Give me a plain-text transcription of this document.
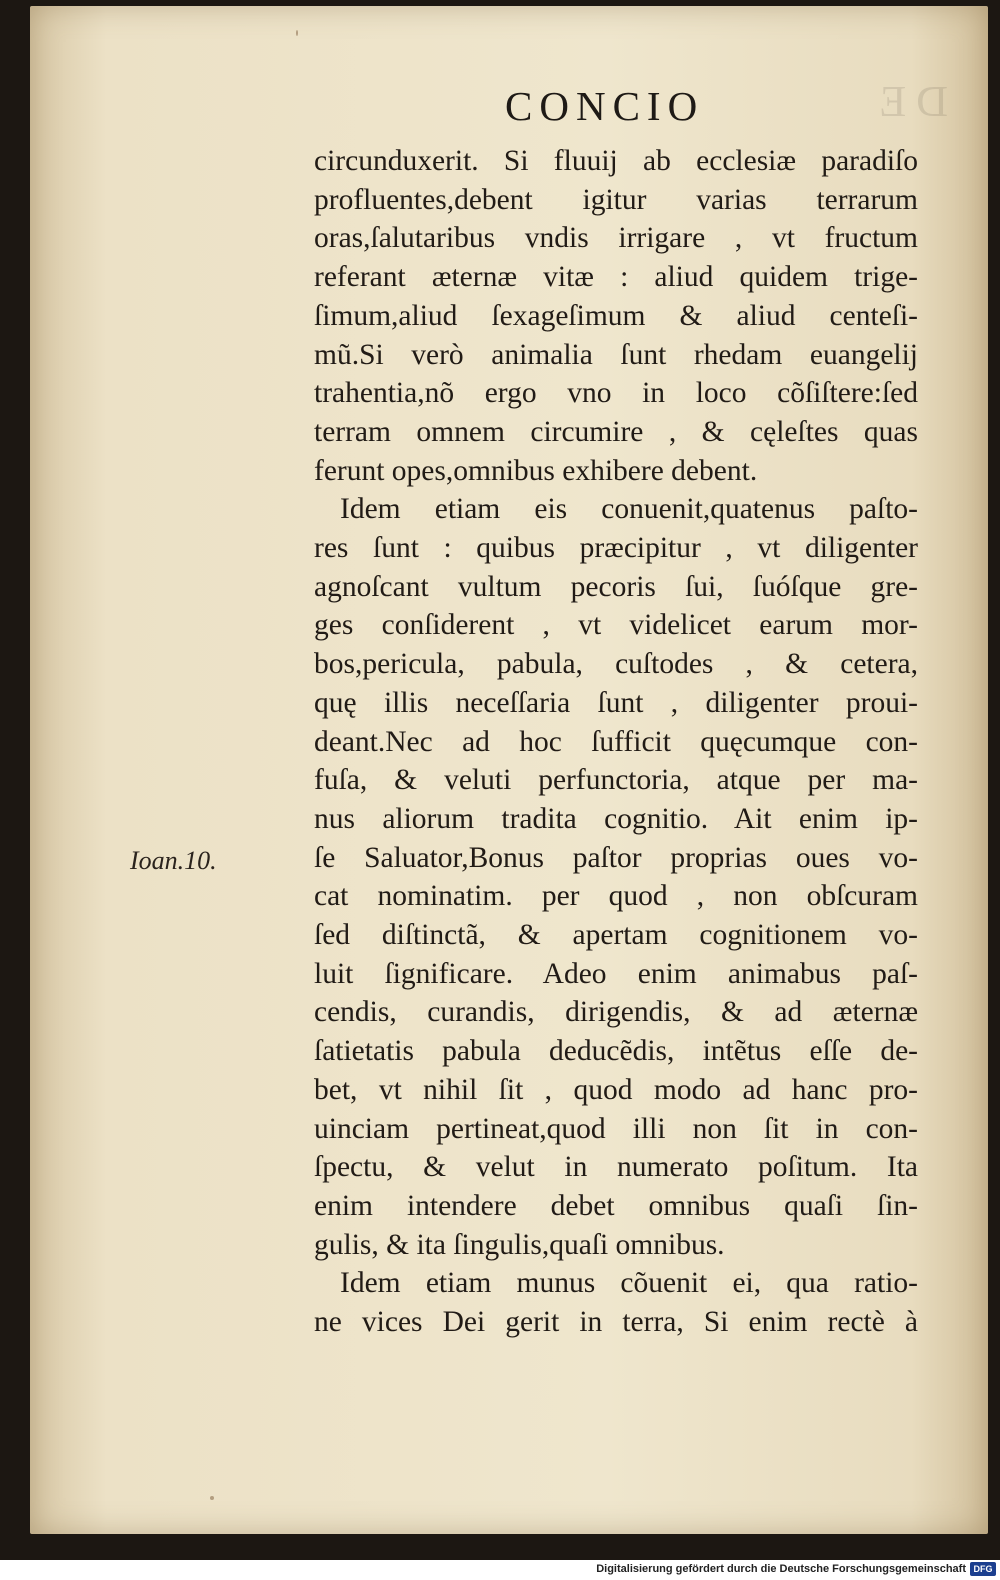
DE
CONCIO
Ioan.10.

circunduxerit. Si fluuij ab ecclesiæ paradiſo
profluentes,debent igitur varias terrarum
oras,ſalutaribus vndis irrigare , vt fructum
referant æternæ vitæ : aliud quidem trige-
ſimum,aliud ſexageſimum & aliud centeſi-
mũ.Si verò animalia ſunt rhedam euangelij
trahentia,nõ ergo vno in loco cõſiſtere:ſed
terram omnem circumire , & cęleſtes quas
ferunt opes,omnibus exhibere debent.
Idem etiam eis conuenit,quatenus paſto-
res ſunt : quibus præcipitur , vt diligenter
agnoſcant vultum pecoris ſui, ſuóſque gre-
ges conſiderent , vt videlicet earum mor-
bos,pericula, pabula, cuſtodes , & cetera,
quę illis neceſſaria ſunt , diligenter proui-
deant.Nec ad hoc ſufficit quęcumque con-
fuſa, & veluti perfunctoria, atque per ma-
nus aliorum tradita cognitio. Ait enim ip-
ſe Saluator,Bonus paſtor proprias oues vo-
cat nominatim. per quod , non obſcuram
ſed diſtinctã, & apertam cognitionem vo-
luit ſignificare. Adeo enim animabus paſ-
cendis, curandis, dirigendis, & ad æternæ
ſatietatis pabula deducẽdis, intẽtus eſſe de-
bet, vt nihil ſit , quod modo ad hanc pro-
uinciam pertineat,quod illi non ſit in con-
ſpectu, & velut in numerato poſitum. Ita
enim intendere debet omnibus quaſi ſin-
gulis, & ita ſingulis,quaſi omnibus.
Idem etiam munus cõuenit ei, qua ratio-
ne vices Dei gerit in terra, Si enim rectè à

Digitalisierung gefördert durch die Deutsche Forschungsgemeinschaft DFG
